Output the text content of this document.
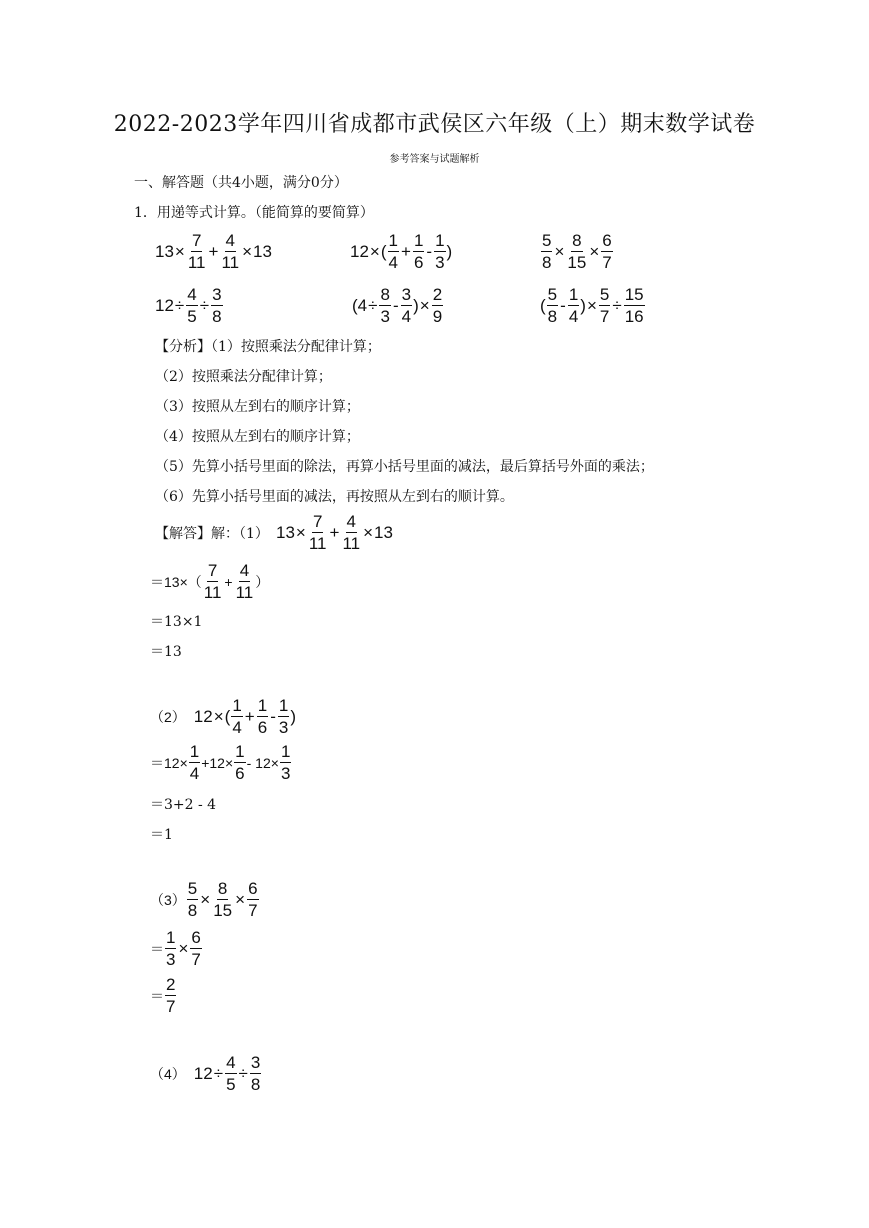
2022-2023学年四川省成都市武侯区六年级（上）期末数学试卷
参考答案与试题解析
一、解答题（共4小题，满分0分）
1．用递等式计算。（能简算的要简算）
$13 \times \frac{7}{11} + \frac{4}{11} \times 13$	12 × ( $\frac{1}{4} + \frac{1}{6} - \frac{1}{3}$ )	$\frac{5}{8} \times \frac{8}{15} \times \frac{6}{7}$
$12 \div \frac{4}{5} \div \frac{3}{8}$	( $4 \div \frac{8}{3} - \frac{3}{4}$ ) × $\frac{2}{9}$	( $\frac{5}{8} - \frac{1}{4}$ ) × $\frac{5}{7} \div \frac{15}{16}$
【分析】（1）按照乘法分配律计算；
（2）按照乘法分配律计算；
（3）按照从左到右的顺序计算；
（4）按照从左到右的顺序计算；
（5）先算小括号里面的除法，再算小括号里面的减法，最后算括号外面的乘法；
（6）先算小括号里面的减法，再按照从左到右的顺计算。
【解答】解：（1） $13 \times \frac{7}{11} + \frac{4}{11} \times 13$
$=13\times( \frac{7}{11} + \frac{4}{11}$ ）
＝13×1
＝13
（2） 12 × ( $\frac{1}{4} + \frac{1}{6} - \frac{1}{3}$ )
$=12\times \frac{1}{4} +12\times \frac{1}{6} - 12\times \frac{1}{3}$
＝3+2 - 4
＝1
$(3) \frac{5}{8} \times \frac{8}{15} \times \frac{6}{7}$
＝ $\frac{1}{3} \times \frac{6}{7}$
＝ $\frac{2}{7}$
（4） $12 \div \frac{4}{5} \div \frac{3}{8}$
